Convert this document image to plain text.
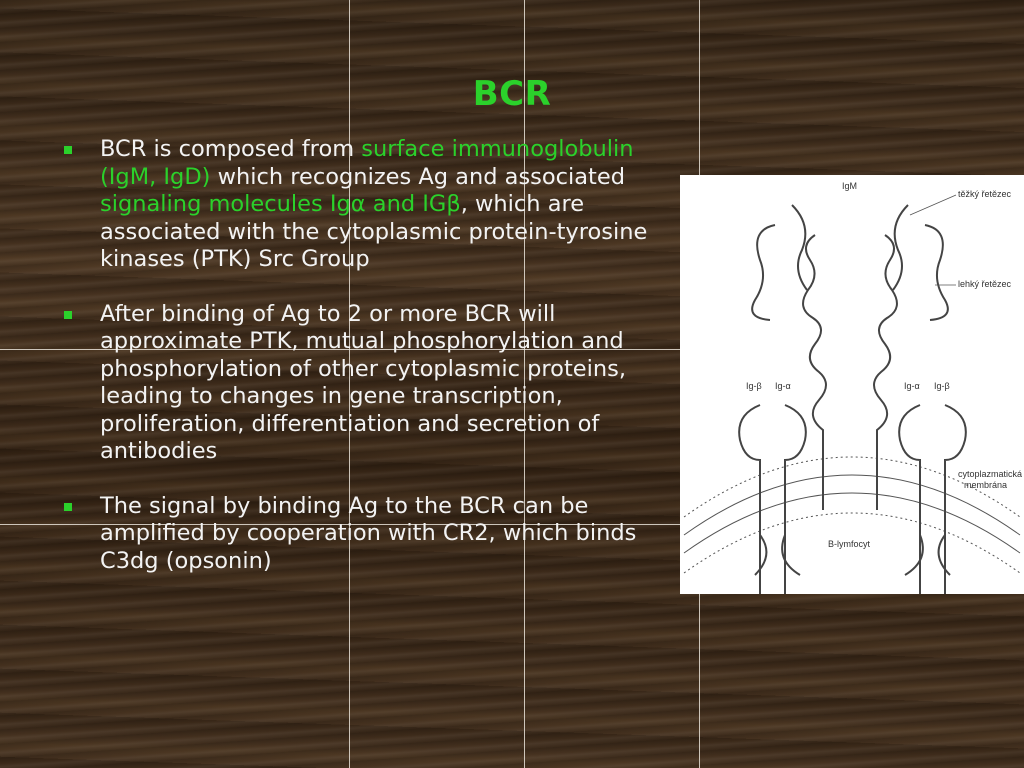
BCR
BCR is composed from surface immunoglobulin (IgM, IgD) which recognizes Ag and associated signaling molecules Igα and IGβ, which are associated with the cytoplasmic protein-tyrosine kinases (PTK) Src Group
After binding of Ag to 2 or more BCR will approximate PTK, mutual phosphorylation and phosphorylation of other cytoplasmic proteins, leading to changes in gene transcription, proliferation, differentiation and secretion of antibodies
The signal by binding Ag to the BCR can be amplified by cooperation with CR2, which binds C3dg (opsonin)
IgM
těžký řetězec
lehký řetězec
Ig-β Ig-α	Ig-α Ig-β
cytoplazmatická
membrána
B-lymfocyt
